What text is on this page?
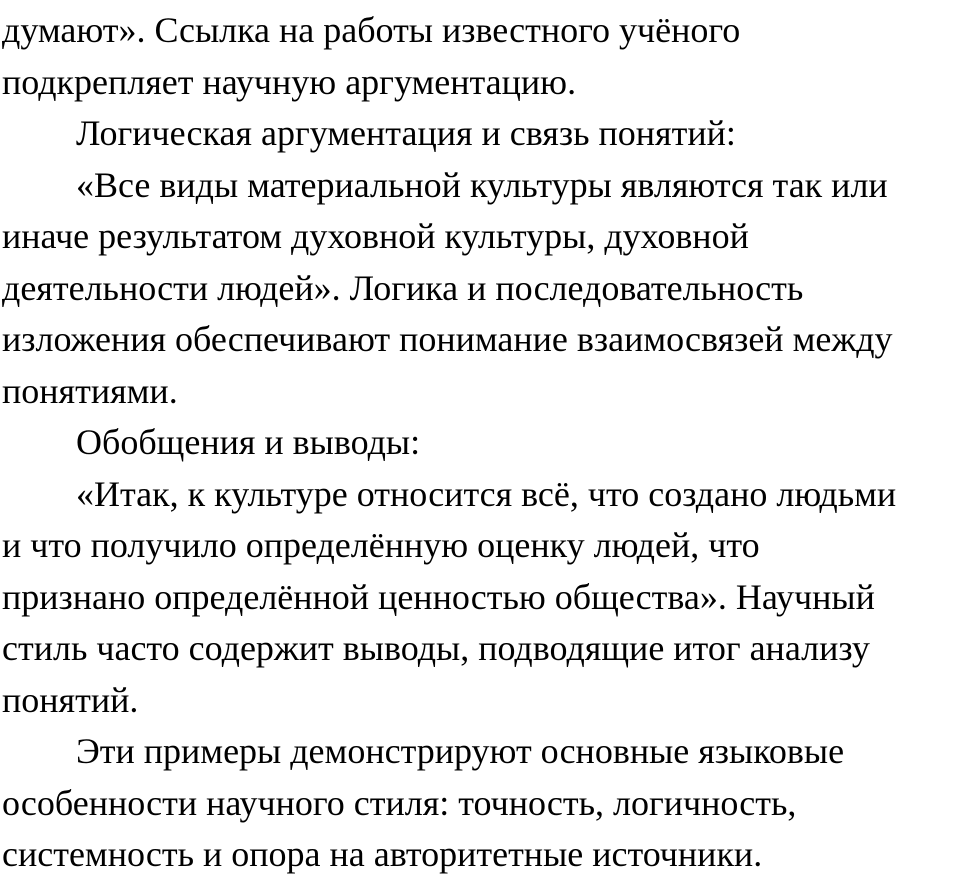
думают». Ссылка на работы известного учёного
подкрепляет научную аргументацию.
Логическая аргументация и связь понятий:
«Все виды материальной культуры являются так или
иначе результатом духовной культуры, духовной
деятельности людей». Логика и последовательность
изложения обеспечивают понимание взаимосвязей между
понятиями.
Обобщения и выводы:
«Итак, к культуре относится всё, что создано людьми
и что получило определённую оценку людей, что
признано определённой ценностью общества». Научный
стиль часто содержит выводы, подводящие итог анализу
понятий.
Эти примеры демонстрируют основные языковые
особенности научного стиля: точность, логичность,
системность и опора на авторитетные источники.
